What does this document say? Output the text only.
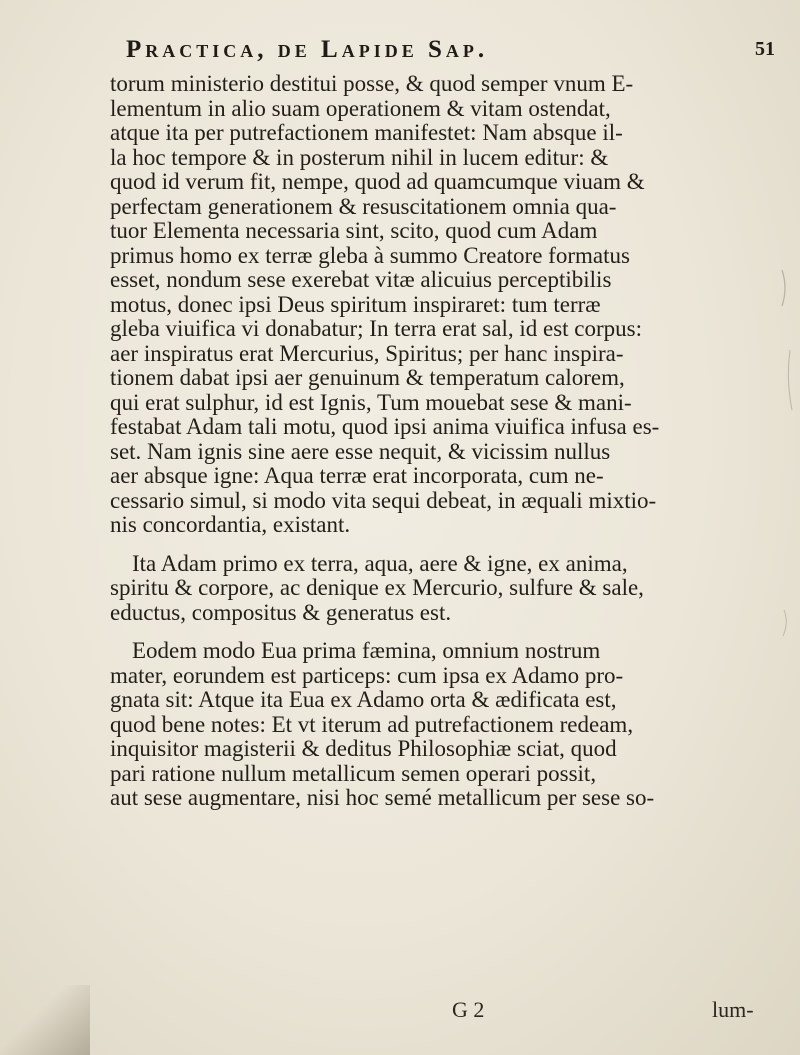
Practica, de Lapide Sap.	51
torum ministerio destitui posse, & quod semper vnum E-
lementum in alio suam operationem & vitam ostendat,
atque ita per putrefactionem manifestet: Nam absque il-
la hoc tempore & in posterum nihil in lucem editur: &
quod id verum fit, nempe, quod ad quamcumque viuam &
perfectam generationem & resuscitationem omnia qua-
tuor Elementa necessaria sint, scito, quod cum Adam
primus homo ex terræ gleba à summo Creatore formatus
esset, nondum sese exerebat vitæ alicuius perceptibilis
motus, donec ipsi Deus spiritum inspiraret: tum terræ
gleba viuifica vi donabatur; In terra erat sal, id est corpus:
aer inspiratus erat Mercurius, Spiritus; per hanc inspira-
tionem dabat ipsi aer genuinum & temperatum calorem,
qui erat sulphur, id est Ignis, Tum mouebat sese & mani-
festabat Adam tali motu, quod ipsi anima viuifica infusa es-
set. Nam ignis sine aere esse nequit, & vicissim nullus
aer absque igne: Aqua terræ erat incorporata, cum ne-
cessario simul, si modo vita sequi debeat, in æquali mixtio-
nis concordantia, existant.
Ita Adam primo ex terra, aqua, aere & igne, ex anima,
spiritu & corpore, ac denique ex Mercurio, sulfure & sale,
eductus, compositus & generatus est.
Eodem modo Eua prima fæmina, omnium nostrum
mater, eorundem est particeps: cum ipsa ex Adamo pro-
gnata sit: Atque ita Eua ex Adamo orta & ædificata est,
quod bene notes: Et vt iterum ad putrefactionem redeam,
inquisitor magisterii & deditus Philosophiæ sciat, quod
pari ratione nullum metallicum semen operari possit,
aut sese augmentare, nisi hoc semé metallicum per sese so-
G 2	lum-
